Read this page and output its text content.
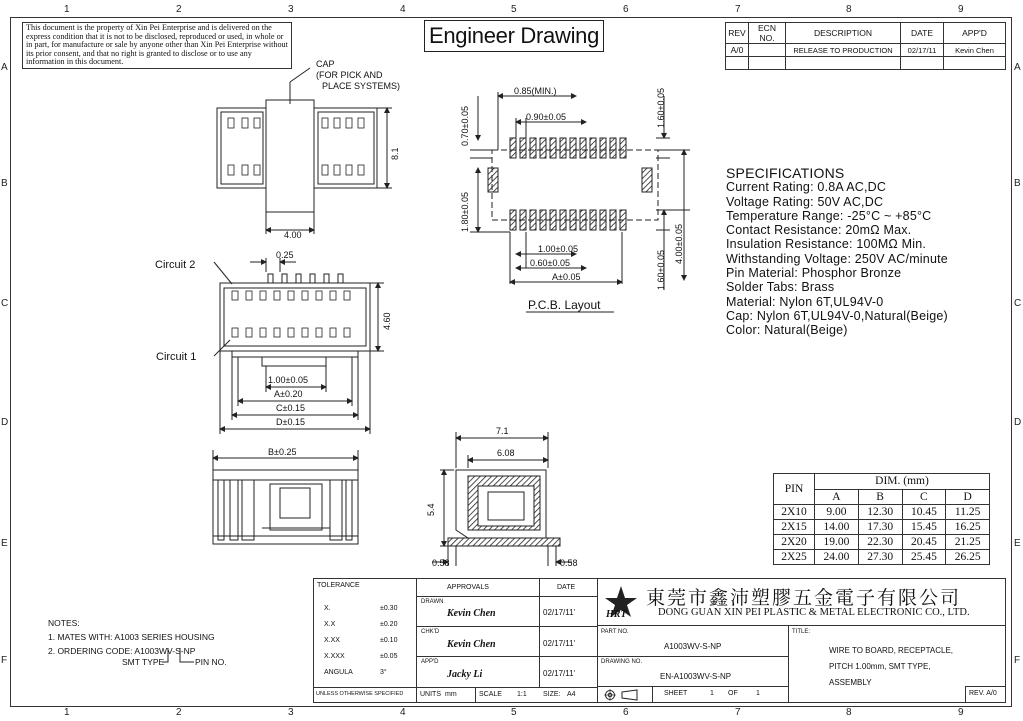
1	2	3	4	5	6	7	8	9
1	2	3	4	5	6	7	8	9
A
B
C
D
E
F
A
B
C
D
E
F
This document is the property of Xin Pei Enterprise and is delivered on the express condition that it is not to be disclosed, reproduced or used, in whole or in part, for manufacture or sale by anyone other than Xin Pei Enterprise without its prior consent, and that no right is granted to disclose or to use any information in this document.
Engineer Drawing	REV	ECN NO.	DESCRIPTION	DATE	APP'D
A/0		RELEASE TO PRODUCTION	02/17/11	Kevin Chen

CAP
(FOR PICK AND
PLACE SYSTEMS)
4.00
8.1
Circuit 2
Circuit 1
0.25
4.60
1.00±0.05
A±0.20
C±0.15
D±0.15
B±0.25
7.1
6.08
5.4
0.58	0.58
0.85(MIN.)
0.90±0.05	1.60±0.05
0.70±0.05
1.80±0.05
1.00±0.05
0.60±0.05
A±0.05	1.60±0.05
4.00±0.05
P.C.B. Layout
SPECIFICATIONS
Current Rating: 0.8A AC,DC
Voltage Rating: 50V AC,DC
Temperature Range: -25°C ~ +85°C
Contact Resistance: 20mΩ Max.
Insulation Resistance: 100MΩ Min.
Withstanding Voltage: 250V AC/minute
Pin Material: Phosphor Bronze
Solder Tabs: Brass
Material: Nylon 6T,UL94V-0
Cap: Nylon 6T,UL94V-0,Natural(Beige)
Color: Natural(Beige)
PIN	DIM. (mm)			
	A	B	C	D
2X10	9.00	12.30	10.45	11.25
2X15	14.00	17.30	15.45	16.25
2X20	19.00	22.30	20.45	21.25
2X25	24.00	27.30	25.45	26.25
NOTES:
1. MATES WITH: A1003 SERIES HOUSING
2. ORDERING CODE: A1003WV-S-NP
SMT TYPE	PIN NO.
TOLERANCE
X.	±0.30
X.X	±0.20
X.XX	±0.10
X.XXX	±0.05
ANGULA	3°
UNLESS OTHERWISE SPECIFIED
APPROVALS	DATE
DRAWN
Kevin Chen	02/17/11'
CHK'D
Kevin Chen	02/17/11'
APP'D
Jacky Li	02/17/11'
UNITS mm	SCALE 1:1 SIZE: A4
HRT
東莞市鑫沛塑膠五金電子有限公司
DONG GUAN XIN PEI PLASTIC & METAL ELECTRONIC CO., LTD.
PART NO.
A1003WV-S-NP
DRAWING NO.
EN-A1003WV-S-NP
SHEET	1 OF	1
TITLE:
WIRE TO BOARD, RECEPTACLE,
PITCH 1.00mm, SMT TYPE,
ASSEMBLY
REV. A/0
